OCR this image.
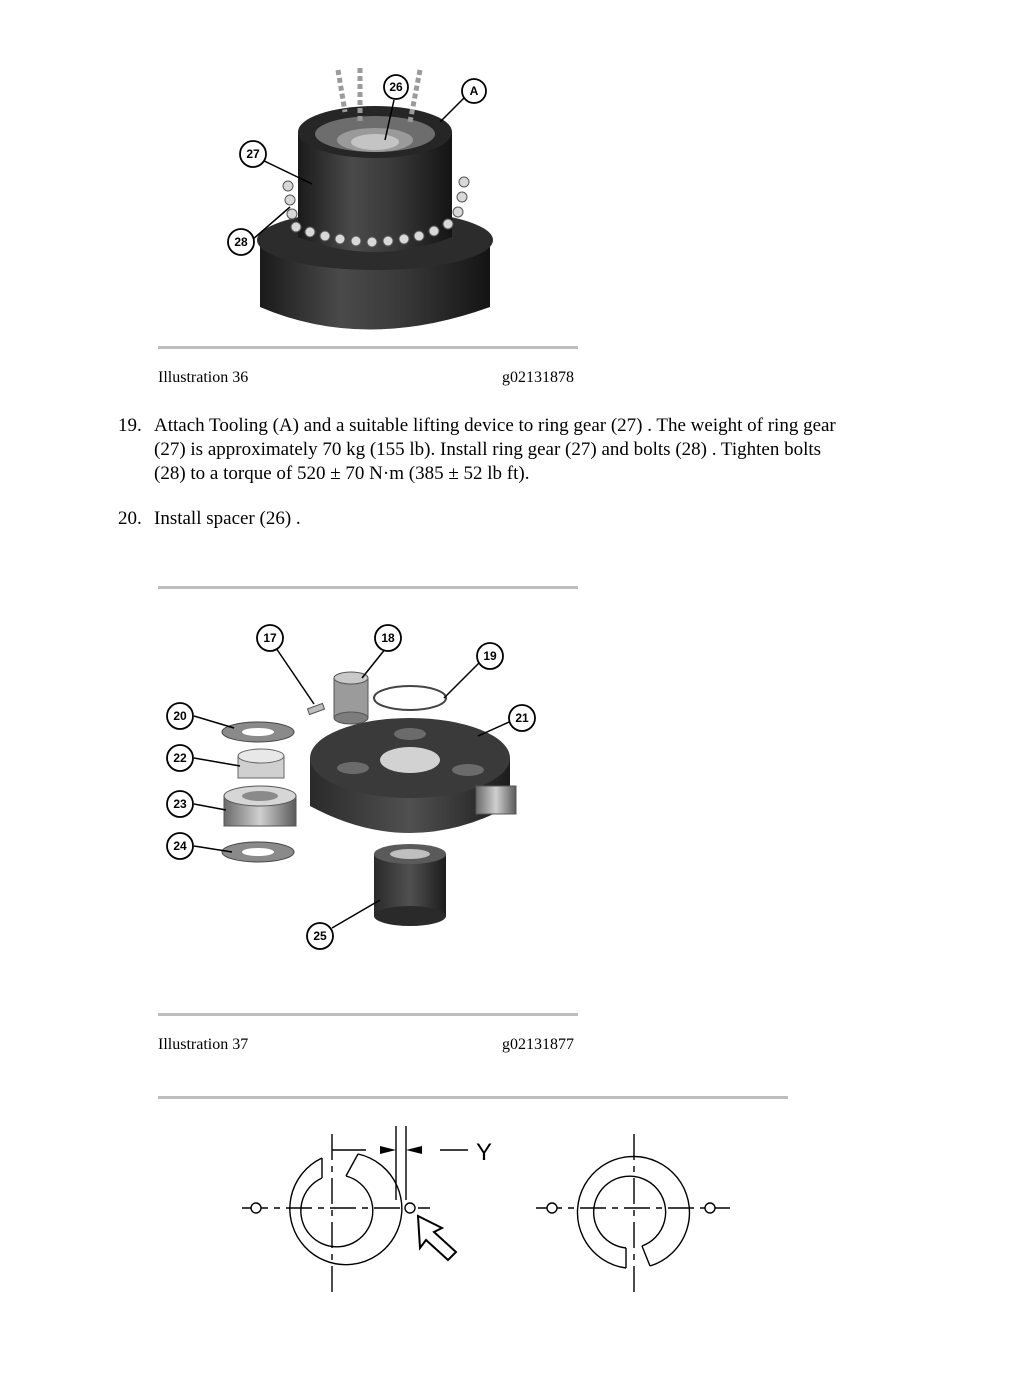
26	A
27
28
Illustration 36	g02131878
19. Attach Tooling (A) and a suitable lifting device to ring gear (27) . The weight of ring gear
(27) is approximately 70 kg (155 lb). Install ring gear (27) and bolts (28) . Tighten bolts
(28) to a torque of 520 ± 70 N·m (385 ± 52 lb ft).
20. Install spacer (26) .
17	18
19
20	21
22
23
24
25
Illustration 37	g02131877
Y
